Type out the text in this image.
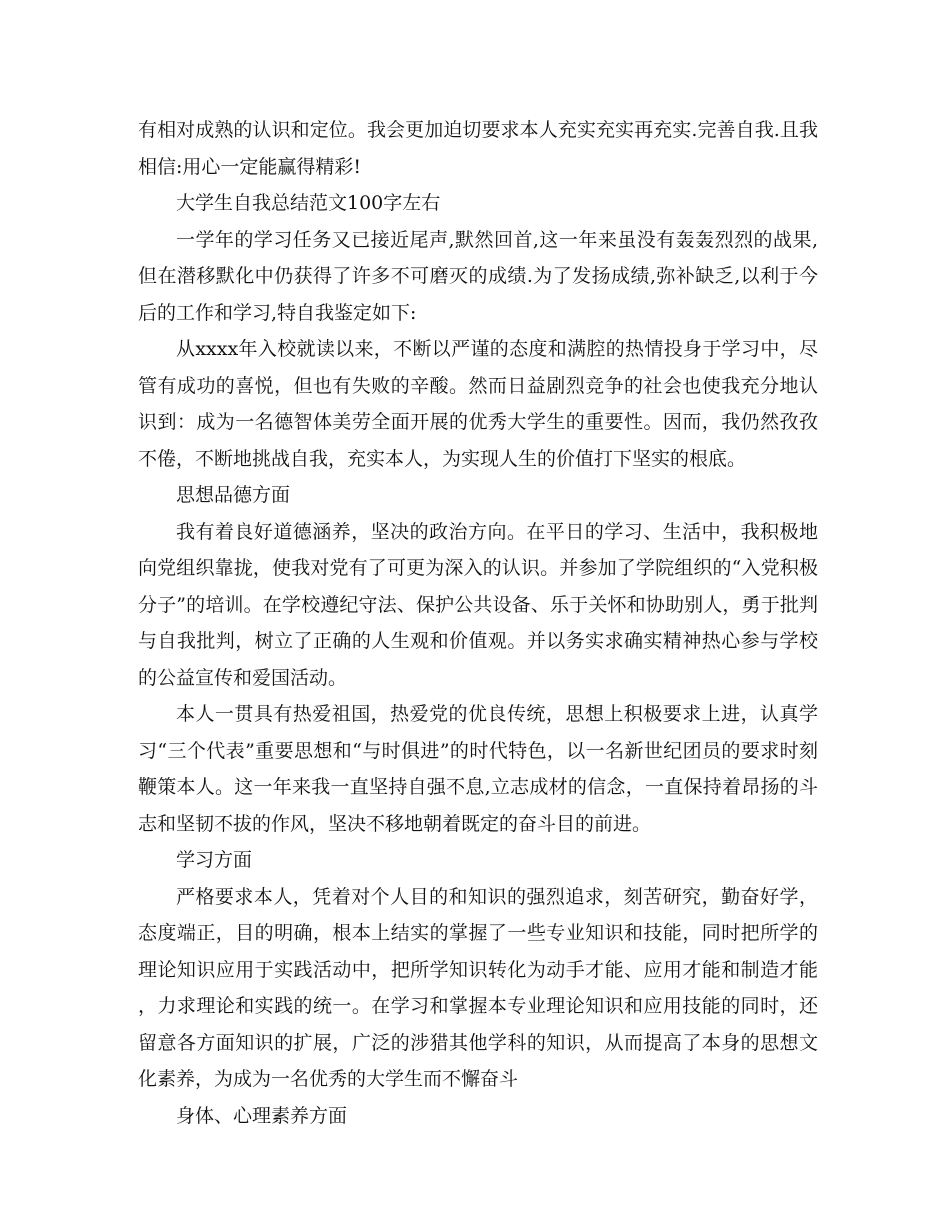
有相对成熟的认识和定位。我会更加迫切要求本人充实充实再充实.完善自我.且我相信:用心一定能赢得精彩!

大学生自我总结范文100字左右

一学年的学习任务又已接近尾声,默然回首,这一年来虽没有轰轰烈烈的战果,但在潜移默化中仍获得了许多不可磨灭的成绩.为了发扬成绩,弥补缺乏,以利于今后的工作和学习,特自我鉴定如下:

从xxxx年入校就读以来，不断以严谨的态度和满腔的热情投身于学习中，尽管有成功的喜悦，但也有失败的辛酸。然而日益剧烈竞争的社会也使我充分地认识到：成为一名德智体美劳全面开展的优秀大学生的重要性。因而，我仍然孜孜不倦，不断地挑战自我，充实本人，为实现人生的价值打下坚实的根底。

思想品德方面

我有着良好道德涵养，坚决的政治方向。在平日的学习、生活中，我积极地向党组织靠拢，使我对党有了可更为深入的认识。并参加了学院组织的“入党积极分子”的培训。在学校遵纪守法、保护公共设备、乐于关怀和协助别人，勇于批判与自我批判，树立了正确的人生观和价值观。并以务实求确实精神热心参与学校的公益宣传和爱国活动。

本人一贯具有热爱祖国，热爱党的优良传统，思想上积极要求上进，认真学习“三个代表”重要思想和“与时俱进”的时代特色，以一名新世纪团员的要求时刻鞭策本人。这一年来我一直坚持自强不息,立志成材的信念，一直保持着昂扬的斗志和坚韧不拔的作风，坚决不移地朝着既定的奋斗目的前进。

学习方面

严格要求本人，凭着对个人目的和知识的强烈追求，刻苦研究，勤奋好学，态度端正，目的明确，根本上结实的掌握了一些专业知识和技能，同时把所学的理论知识应用于实践活动中，把所学知识转化为动手才能、应用才能和制造才能，力求理论和实践的统一。在学习和掌握本专业理论知识和应用技能的同时，还留意各方面知识的扩展，广泛的涉猎其他学科的知识，从而提高了本身的思想文化素养，为成为一名优秀的大学生而不懈奋斗

身体、心理素养方面
